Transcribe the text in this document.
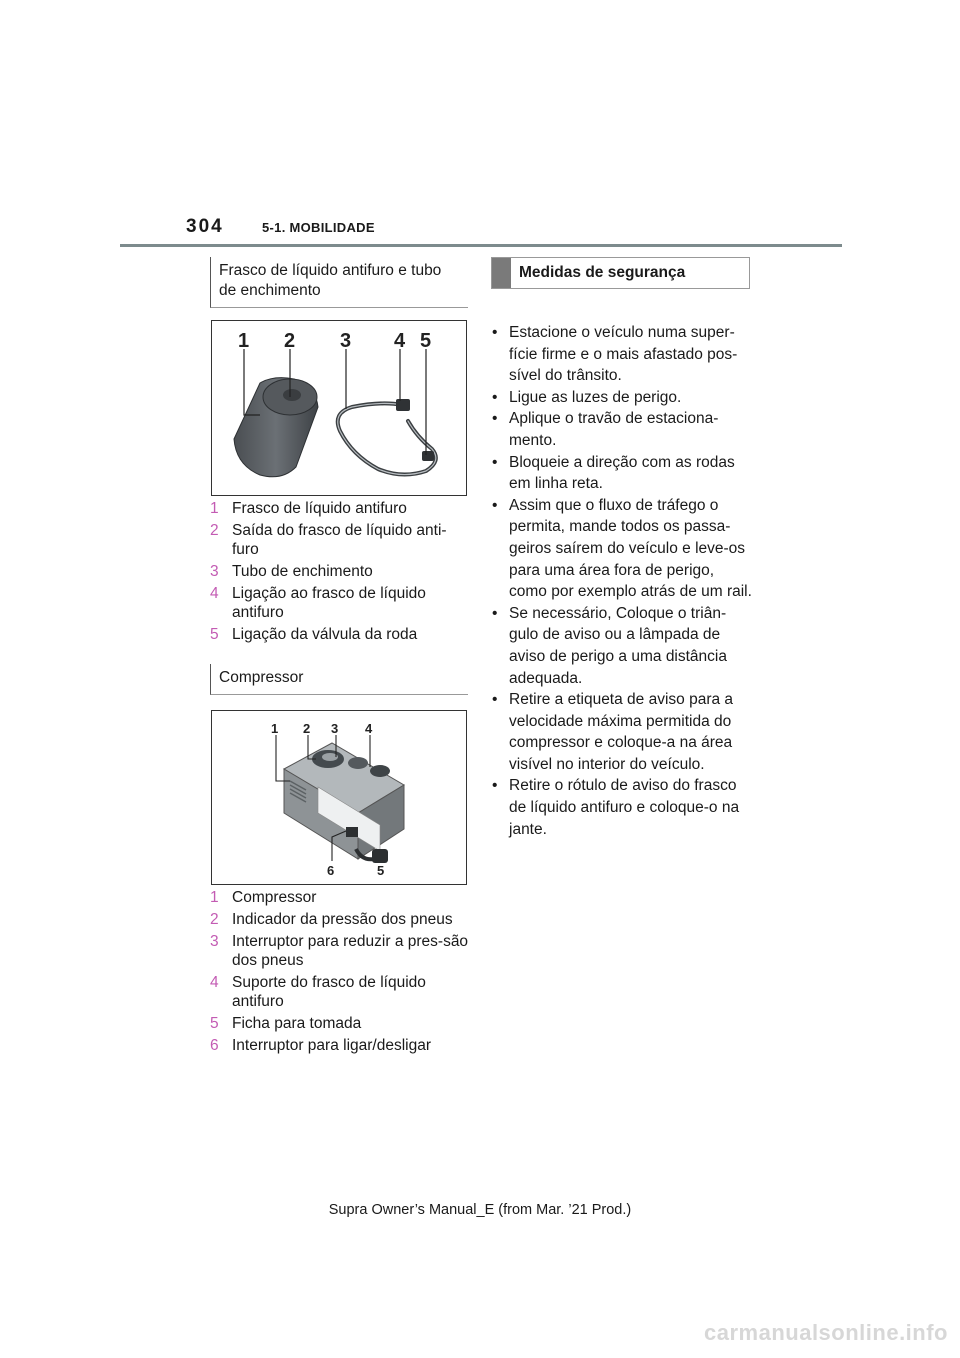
304	5-1. MOBILIDADE
Frasco de líquido antifuro e tubo de enchimento
1 2 3 4 5
1 Frasco de líquido antifuro
2 Saída do frasco de líquido anti-furo
3 Tubo de enchimento
4 Ligação ao frasco de líquido antifuro
5 Ligação da válvula da roda
Compressor
1 2 3 4
6	5
1 Compressor
2 Indicador da pressão dos pneus
3 Interruptor para reduzir a pres-são dos pneus
4 Suporte do frasco de líquido antifuro
5 Ficha para tomada
6 Interruptor para ligar/desligar
Medidas de segurança
• Estacione o veículo numa super-fície firme e o mais afastado pos-sível do trânsito.
• Ligue as luzes de perigo.
• Aplique o travão de estaciona-mento.
• Bloqueie a direção com as rodas em linha reta.
• Assim que o fluxo de tráfego o permita, mande todos os passa-geiros saírem do veículo e leve-os para uma área fora de perigo, como por exemplo atrás de um rail.
• Se necessário, Coloque o triân-gulo de aviso ou a lâmpada de aviso de perigo a uma distância adequada.
• Retire a etiqueta de aviso para a velocidade máxima permitida do compressor e coloque-a na área visível no interior do veículo.
• Retire o rótulo de aviso do frasco de líquido antifuro e coloque-o na jante.
Supra Owner’s Manual_E (from Mar. ’21 Prod.)
carmanualsonline.info
